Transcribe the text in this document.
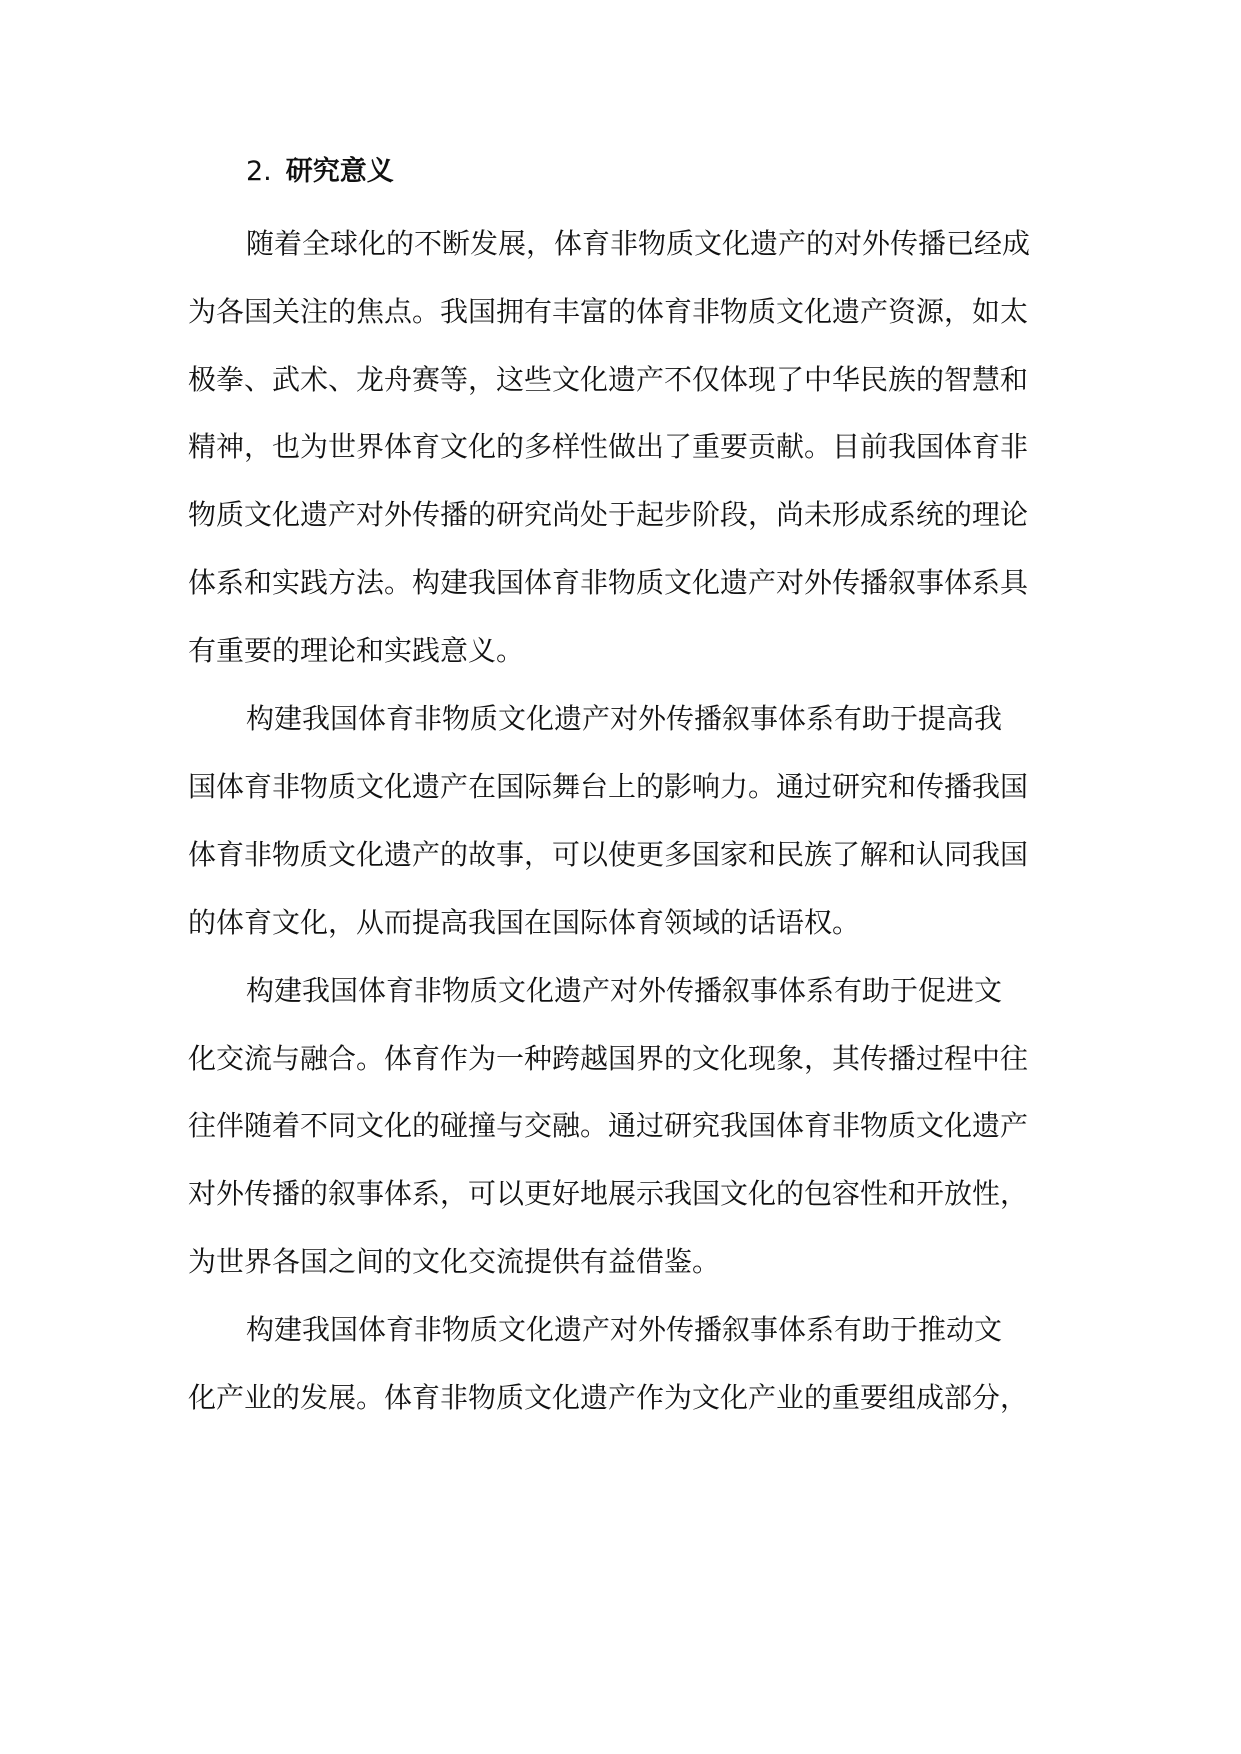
2. 研究意义

随着全球化的不断发展，体育非物质文化遗产的对外传播已经成

为各国关注的焦点。我国拥有丰富的体育非物质文化遗产资源，如太

极拳、武术、龙舟赛等，这些文化遗产不仅体现了中华民族的智慧和

精神，也为世界体育文化的多样性做出了重要贡献。目前我国体育非

物质文化遗产对外传播的研究尚处于起步阶段，尚未形成系统的理论

体系和实践方法。构建我国体育非物质文化遗产对外传播叙事体系具

有重要的理论和实践意义。

构建我国体育非物质文化遗产对外传播叙事体系有助于提高我

国体育非物质文化遗产在国际舞台上的影响力。通过研究和传播我国

体育非物质文化遗产的故事，可以使更多国家和民族了解和认同我国

的体育文化，从而提高我国在国际体育领域的话语权。

构建我国体育非物质文化遗产对外传播叙事体系有助于促进文

化交流与融合。体育作为一种跨越国界的文化现象，其传播过程中往

往伴随着不同文化的碰撞与交融。通过研究我国体育非物质文化遗产

对外传播的叙事体系，可以更好地展示我国文化的包容性和开放性，

为世界各国之间的文化交流提供有益借鉴。

构建我国体育非物质文化遗产对外传播叙事体系有助于推动文

化产业的发展。体育非物质文化遗产作为文化产业的重要组成部分，
